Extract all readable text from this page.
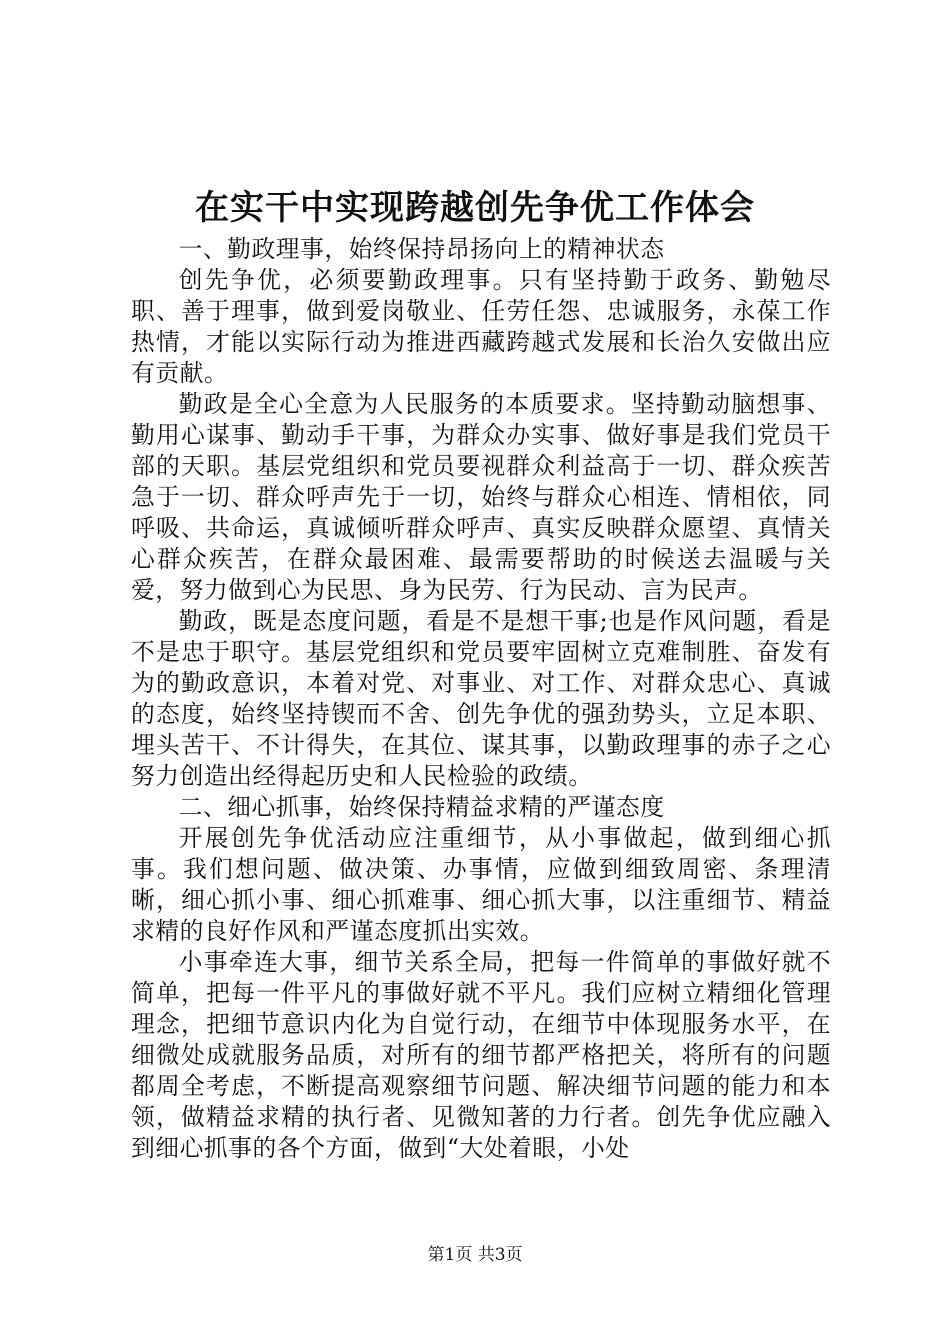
在实干中实现跨越创先争优工作体会

一、勤政理事，始终保持昂扬向上的精神状态

创先争优，必须要勤政理事。只有坚持勤于政务、勤勉尽职、善于理事，做到爱岗敬业、任劳任怨、忠诚服务，永葆工作热情，才能以实际行动为推进西藏跨越式发展和长治久安做出应有贡献。

勤政是全心全意为人民服务的本质要求。坚持勤动脑想事、勤用心谋事、勤动手干事，为群众办实事、做好事是我们党员干部的天职。基层党组织和党员要视群众利益高于一切、群众疾苦急于一切、群众呼声先于一切，始终与群众心相连、情相依，同呼吸、共命运，真诚倾听群众呼声、真实反映群众愿望、真情关心群众疾苦，在群众最困难、最需要帮助的时候送去温暖与关爱，努力做到心为民思、身为民劳、行为民动、言为民声。

勤政，既是态度问题，看是不是想干事;也是作风问题，看是不是忠于职守。基层党组织和党员要牢固树立克难制胜、奋发有为的勤政意识，本着对党、对事业、对工作、对群众忠心、真诚的态度，始终坚持锲而不舍、创先争优的强劲势头，立足本职、埋头苦干、不计得失，在其位、谋其事，以勤政理事的赤子之心努力创造出经得起历史和人民检验的政绩。

二、细心抓事，始终保持精益求精的严谨态度

开展创先争优活动应注重细节，从小事做起，做到细心抓事。我们想问题、做决策、办事情，应做到细致周密、条理清晰，细心抓小事、细心抓难事、细心抓大事，以注重细节、精益求精的良好作风和严谨态度抓出实效。

小事牵连大事，细节关系全局，把每一件简单的事做好就不简单，把每一件平凡的事做好就不平凡。我们应树立精细化管理理念，把细节意识内化为自觉行动，在细节中体现服务水平，在细微处成就服务品质，对所有的细节都严格把关，将所有的问题都周全考虑，不断提高观察细节问题、解决细节问题的能力和本领，做精益求精的执行者、见微知著的力行者。创先争优应融入到细心抓事的各个方面，做到“大处着眼，小处

第1页 共3页
